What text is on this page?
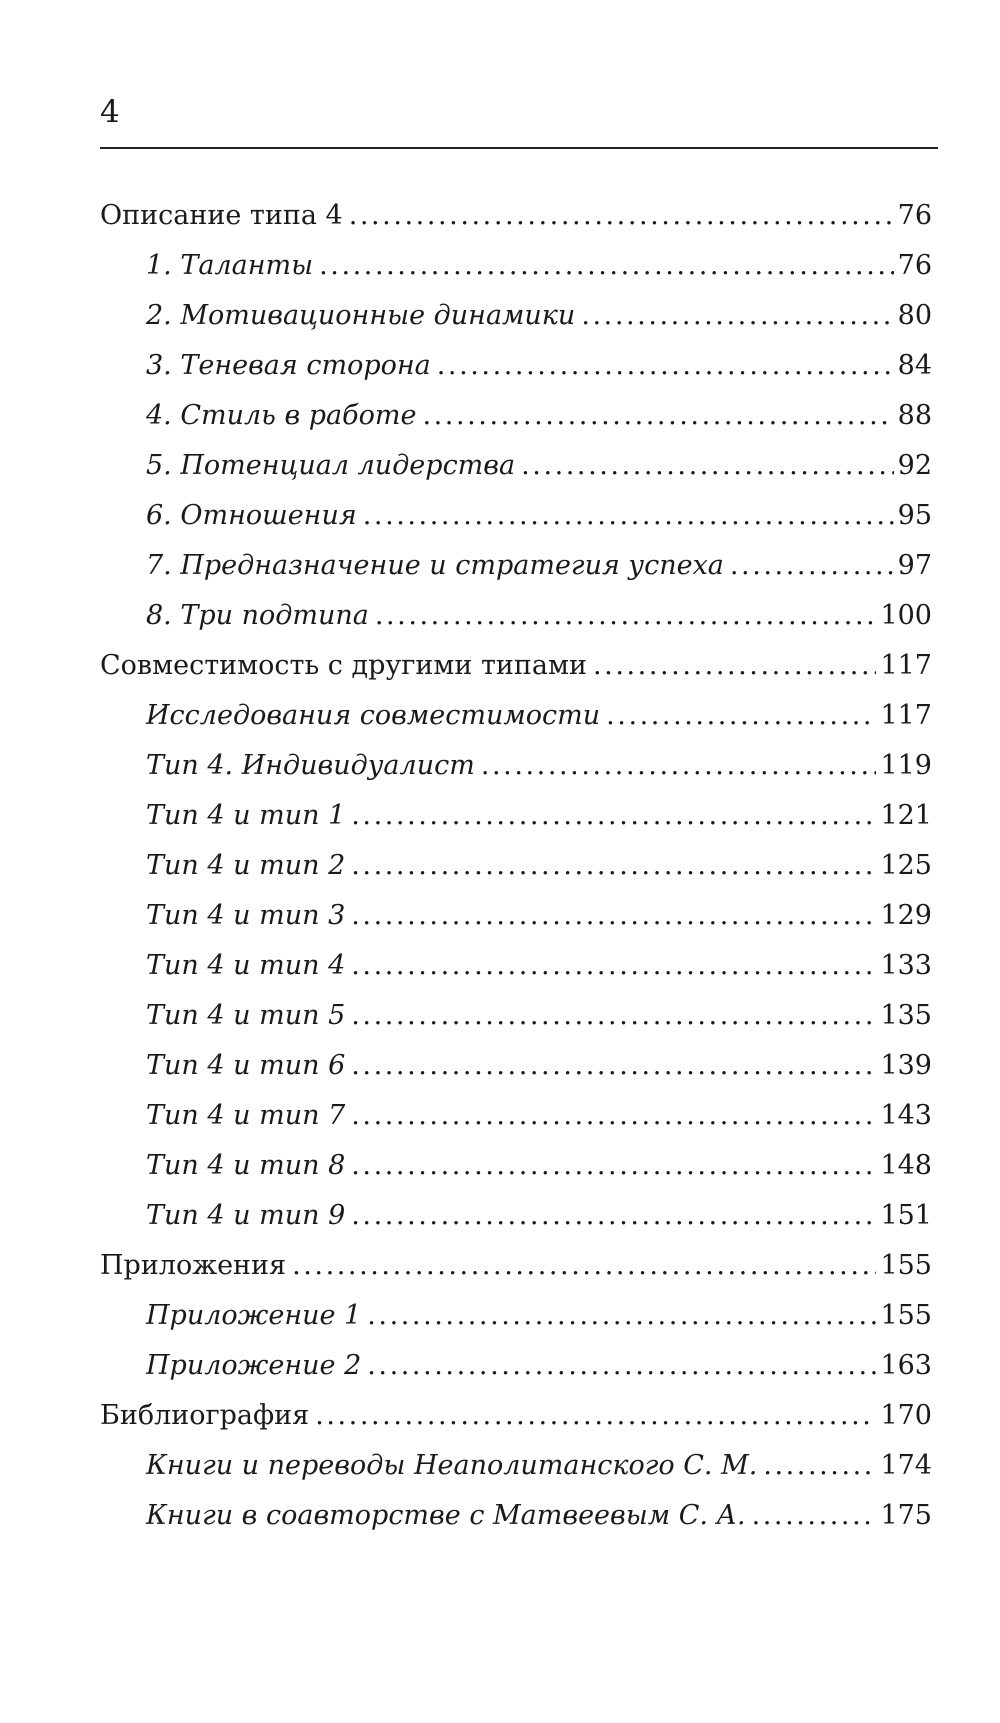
4
Описание типа 4 . . .	76
1. Таланты . . .	76
2. Мотивационные динамики . . .	80
3. Теневая сторона . . .	84
4. Стиль в работе . . .	88
5. Потенциал лидерства . . .	92
6. Отношения . . .	95
7. Предназначение и стратегия успеха . . .	97
8. Три подтипа . . .	100
Совместимость с другими типами . . .	117
Исследования совместимости . . .	117
Тип 4. Индивидуалист . . .	119
Тип 4 и тип 1 . . .	121
Тип 4 и тип 2 . . .	125
Тип 4 и тип 3 . . .	129
Тип 4 и тип 4 . . .	133
Тип 4 и тип 5 . . .	135
Тип 4 и тип 6 . . .	139
Тип 4 и тип 7 . . .	143
Тип 4 и тип 8 . . .	148
Тип 4 и тип 9 . . .	151
Приложения . . .	155
Приложение 1 . . .	155
Приложение 2 . . .	163
Библиография . . .	170
Книги и переводы Неаполитанского С. М. . . .	174
Книги в соавторстве с Матвеевым С. А. . . .	175
